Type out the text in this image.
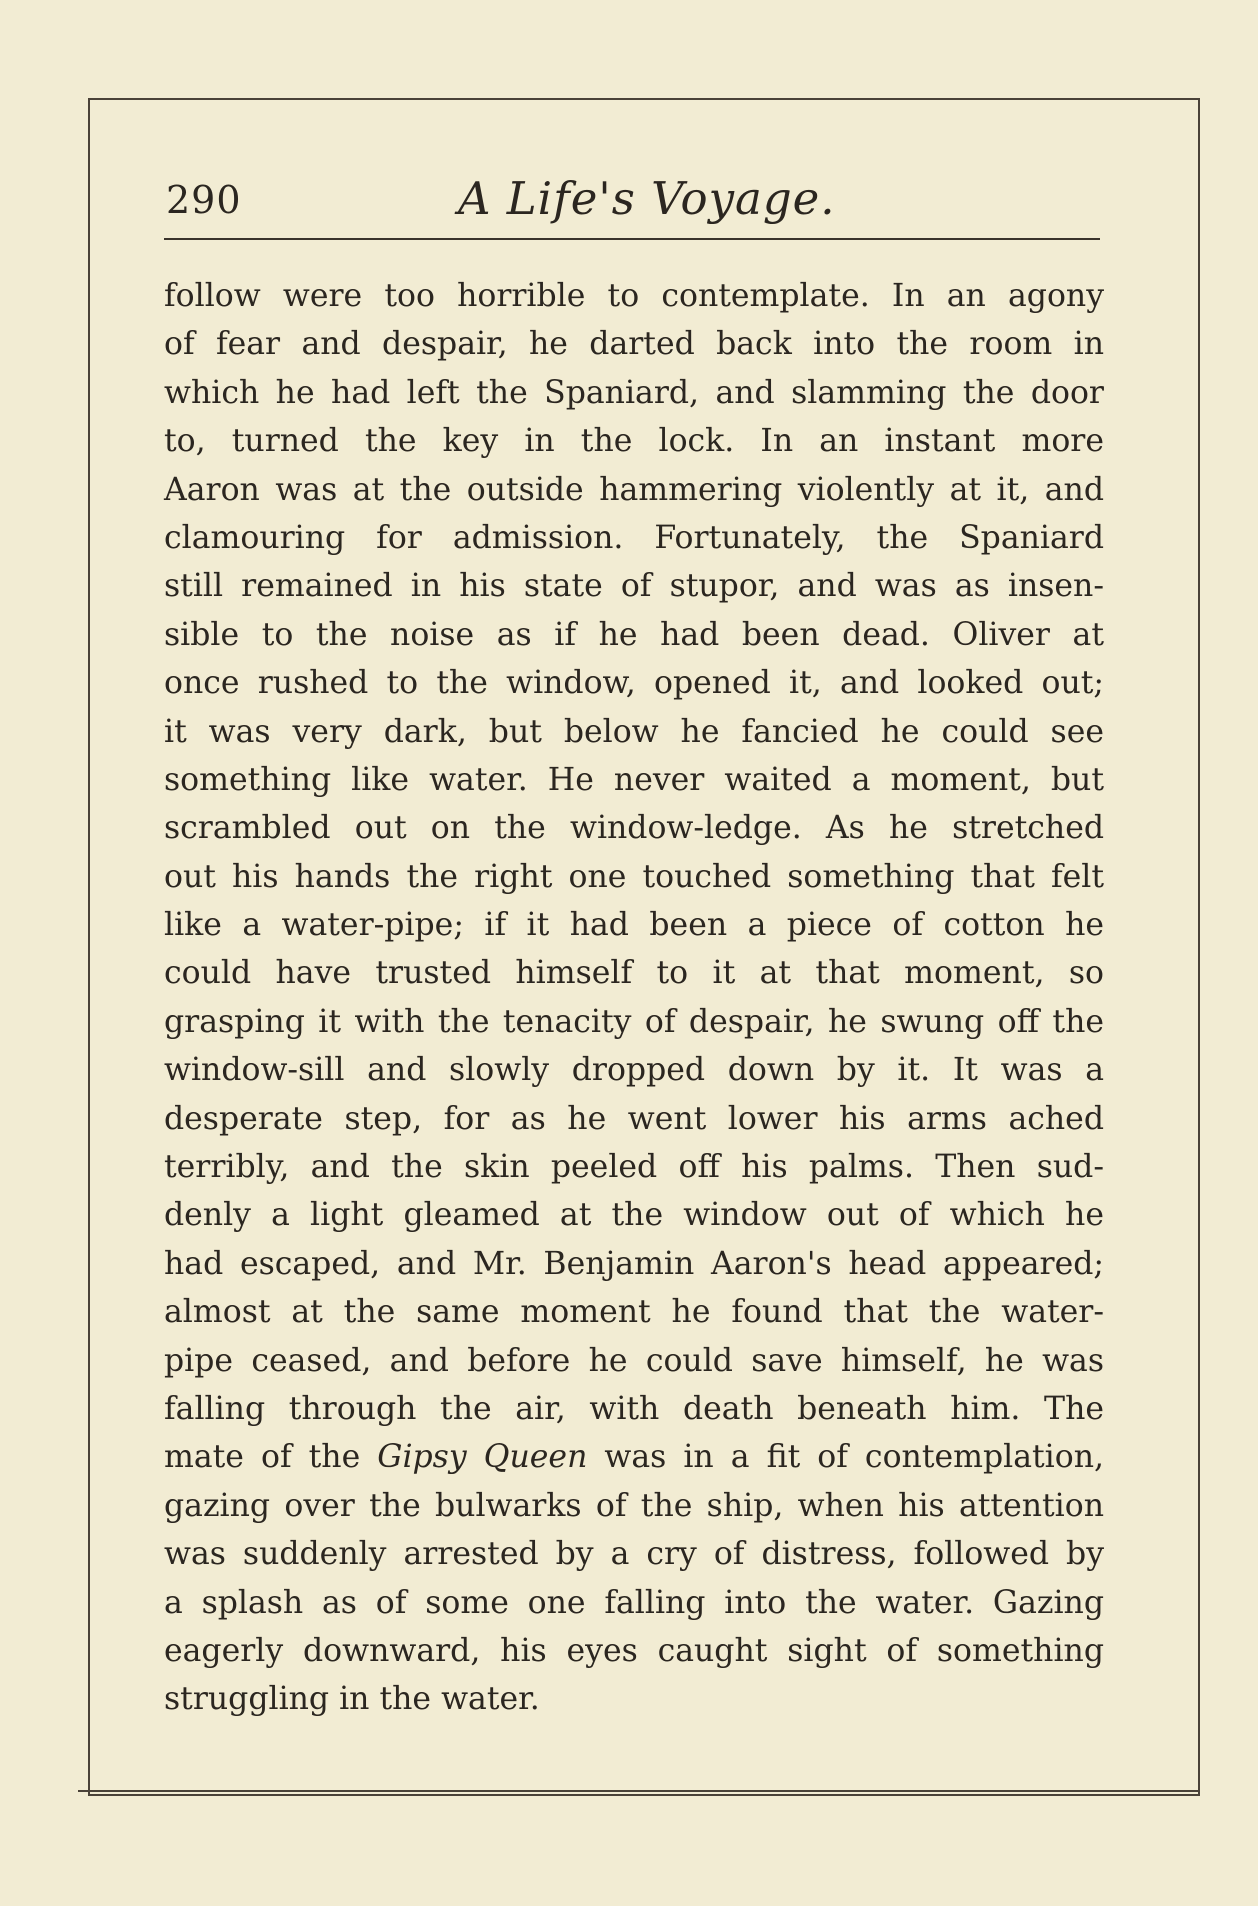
290	A Life's Voyage.
follow were too horrible to contemplate. In an agony
of fear and despair, he darted back into the room in
which he had left the Spaniard, and slamming the door
to, turned the key in the lock. In an instant more
Aaron was at the outside hammering violently at it, and
clamouring for admission. Fortunately, the Spaniard
still remained in his state of stupor, and was as insen-
sible to the noise as if he had been dead. Oliver at
once rushed to the window, opened it, and looked out;
it was very dark, but below he fancied he could see
something like water. He never waited a moment, but
scrambled out on the window-ledge. As he stretched
out his hands the right one touched something that felt
like a water-pipe; if it had been a piece of cotton he
could have trusted himself to it at that moment, so
grasping it with the tenacity of despair, he swung off the
window-sill and slowly dropped down by it. It was a
desperate step, for as he went lower his arms ached
terribly, and the skin peeled off his palms. Then sud-
denly a light gleamed at the window out of which he
had escaped, and Mr. Benjamin Aaron's head appeared;
almost at the same moment he found that the water-
pipe ceased, and before he could save himself, he was
falling through the air, with death beneath him. The
mate of the Gipsy Queen was in a fit of contemplation,
gazing over the bulwarks of the ship, when his attention
was suddenly arrested by a cry of distress, followed by
a splash as of some one falling into the water. Gazing
eagerly downward, his eyes caught sight of something
struggling in the water.
